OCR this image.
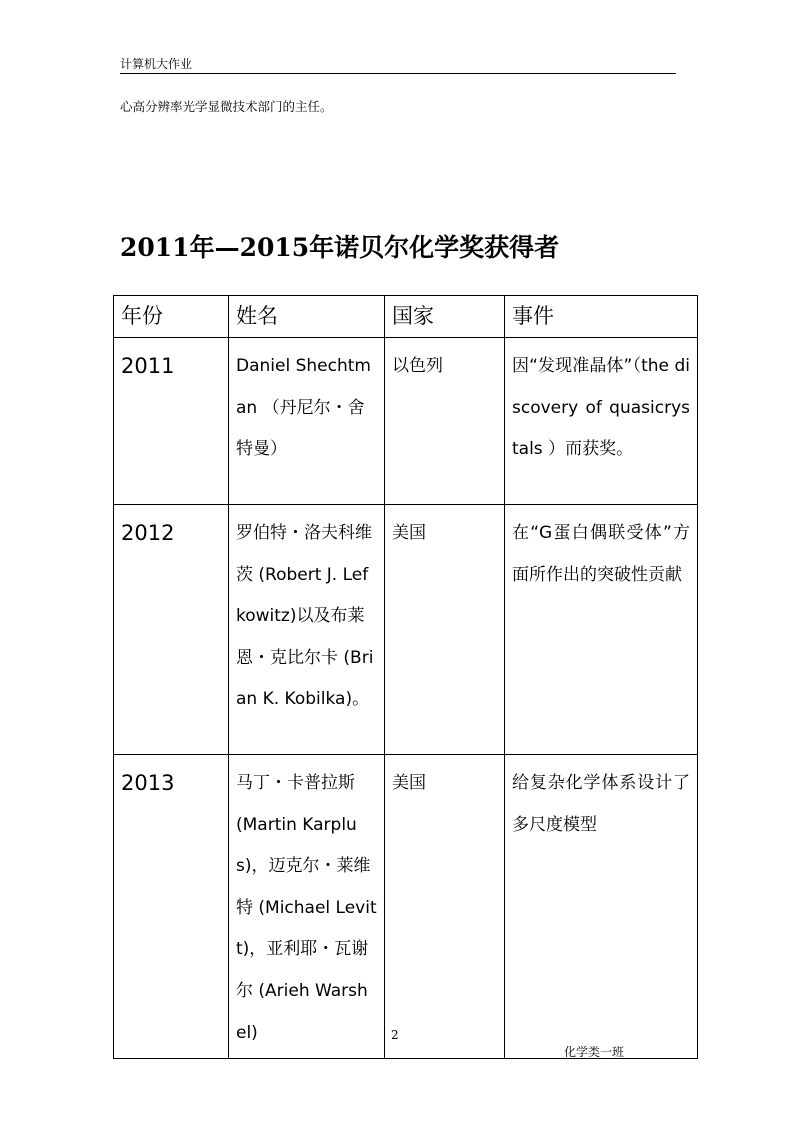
计算机大作业
心高分辨率光学显微技术部门的主任。
2011年—2015年诺贝尔化学奖获得者
年份	姓名	国家	事件
2011	Daniel Shechtman （丹尼尔・舍特曼）	以色列	因“发现准晶体”（the discovery of quasicrystals ）而获奖。
2012	罗伯特・洛夫科维茨 (Robert J. Lefkowitz)以及布莱恩・克比尔卡 (Brian K. Kobilka)。	美国	在“G蛋白偶联受体”方面所作出的突破性贡献
2013	马丁・卡普拉斯 (Martin Karplus)，迈克尔・莱维特 (Michael Levitt)，亚利耶・瓦谢尔 (Arieh Warshel)	美国	给复杂化学体系设计了多尺度模型
2
化学类一班
